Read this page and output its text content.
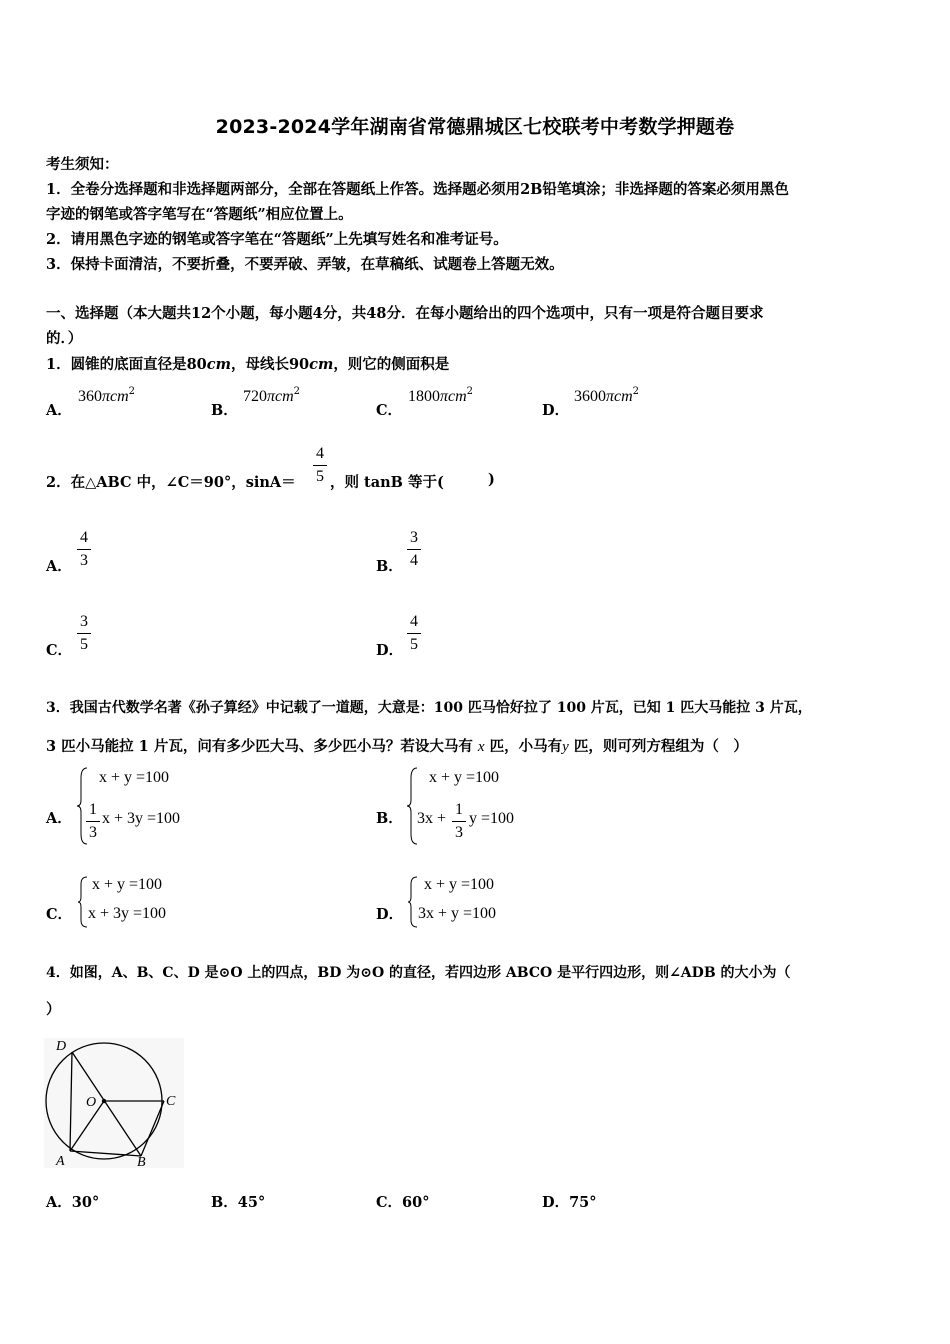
2023-2024学年湖南省常德鼎城区七校联考中考数学押题卷
考生须知：
1．全卷分选择题和非选择题两部分，全部在答题纸上作答。选择题必须用2B铅笔填涂；非选择题的答案必须用黑色
字迹的钢笔或答字笔写在“答题纸”相应位置上。
2．请用黑色字迹的钢笔或答字笔在“答题纸”上先填写姓名和准考证号。
3．保持卡面清洁，不要折叠，不要弄破、弄皱，在草稿纸、试题卷上答题无效。
一、选择题（本大题共12个小题，每小题4分，共48分．在每小题给出的四个选项中，只有一项是符合题目要求
的．）
1．圆锥的底面直径是80cm，母线长90cm，则它的侧面积是
A．
360πcm$^2$
B．
720πcm$^2$
C．
1800πcm$^2$
D．
3600πcm$^2$
2．在△ABC 中，∠C＝90°，sinA＝
4
5 ，则 tanB 等于(	)
A．
4
3	B．
3
4
C．
3
5	D．
4
5
3．我国古代数学名著《孙子算经》中记载了一道题，大意是：100 匹马恰好拉了 100 片瓦，已知 1 匹大马能拉 3 片瓦，
3 匹小马能拉 1 片瓦，问有多少匹大马、多少匹小马？若设大马有 x 匹，小马有y 匹，则可列方程组为（　）
A．
x + y =100
1
3
x + 3y =100	B．
x + y =100
3x +
1
3
y =100
C．
x + y =100
x + 3y =100	D．
x + y =100
3x + y =100
4．如图，A、B、C、D 是⊙O 上的四点，BD 为⊙O 的直径，若四边形 ABCO 是平行四边形，则∠ADB 的大小为（
）
D
O	C
A	B
A．30°	B．45°	C．60°	D．75°
